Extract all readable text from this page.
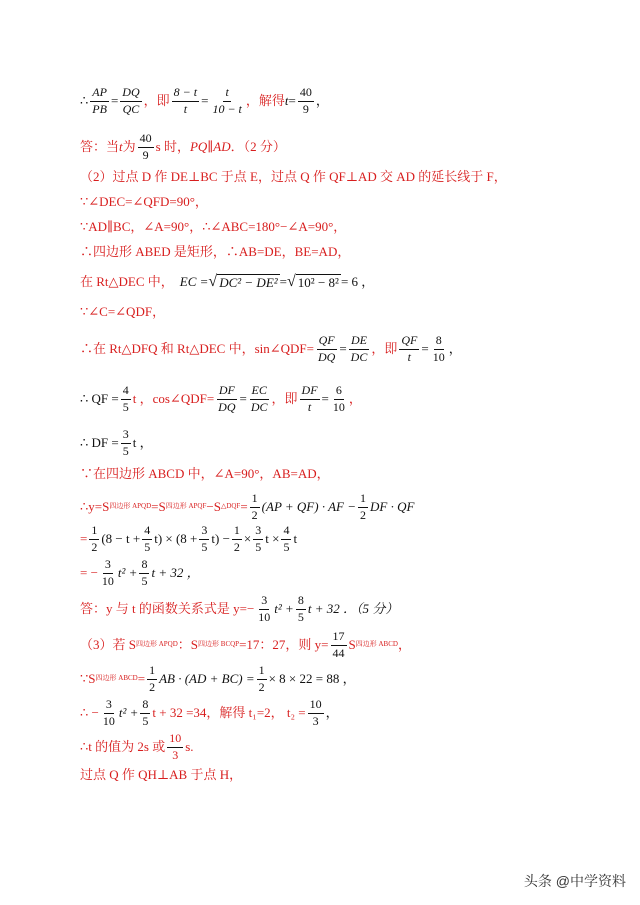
∴ $\frac{AP}{PB} = \frac{DQ}{QC}$ ，即 $\frac{8 - t}{t} = \frac{t}{10 - t}$ ，解得 $t = \frac{40}{9}$ ，
答：当 t 为 $\frac{40}{9}$ s 时， PQ∥AD ．（2 分）
（2）过点 D 作 DE⊥BC 于点 E，过点 Q 作 QF⊥AD 交 AD 的延长线于 F，
∵∠DEC=∠QFD=90°，
∵AD∥BC，∠A=90°，∴∠ABC=180°−∠A=90°，
∴四边形 ABED 是矩形，∴AB=DE，BE=AD，
在 Rt△DEC 中， EC = √ DC² − DE² = √ 10² − 8² = 6 ，
∵∠C=∠QDF，
∴在 Rt△DFQ 和 Rt△DEC 中，sin∠QDF= $\frac{QF}{DQ} = \frac{DE}{DC}$ ，即 $\frac{QF}{t} = \frac{8}{10}$ ，
∴ QF = $\frac{4}{5}$ t ，cos∠QDF= $\frac{DF}{DQ} = \frac{EC}{DC}$ ，即 $\frac{DF}{t} = \frac{6}{10}$ ，
∴ DF = $\frac{3}{5}$ t ，
∵在四边形 ABCD 中，∠A=90°，AB=AD，
∴y=S 四边形 APQD =S 四边形 APQF −S △DQF = $\frac{1}{2} (AP + QF)$ · AF − $\frac{1}{2}$ DF · QF
= $\frac{1}{2} (8 - t + \frac{4}{5} t) \times (8 + \frac{3}{5} t) - \frac{1}{2} \times \frac{3}{5}$ $t \times \frac{4}{5}$ t
= − $\frac{3}{10} t^2 + \frac{8}{5}$ t + 32 ，
答：y 与 t 的函数关系式是 $y=- \frac{3}{10} t^2 + \frac{8}{5}$ t + 32 ．（5 分）
（3）若 S 四边形 APQD ：S 四边形 BCQP =17：27，则 $y= \frac{17}{44}$ S 四边形 ABCD ，
∵S 四边形 ABCD = $\frac{1}{2}$ AB · $(AD + BC) = \frac{1}{2} \times 8 \times 22 = 88$ ，
∴ − $\frac{3}{10} t^2 + \frac{8}{5}$ t + 32 =34，解得 t₁=2， $t_2 = \frac{10}{3}$ ，
∴t 的值为 2s 或 $\frac{10}{3} s$.
过点 Q 作 QH⊥AB 于点 H，
头条 @中学资料
